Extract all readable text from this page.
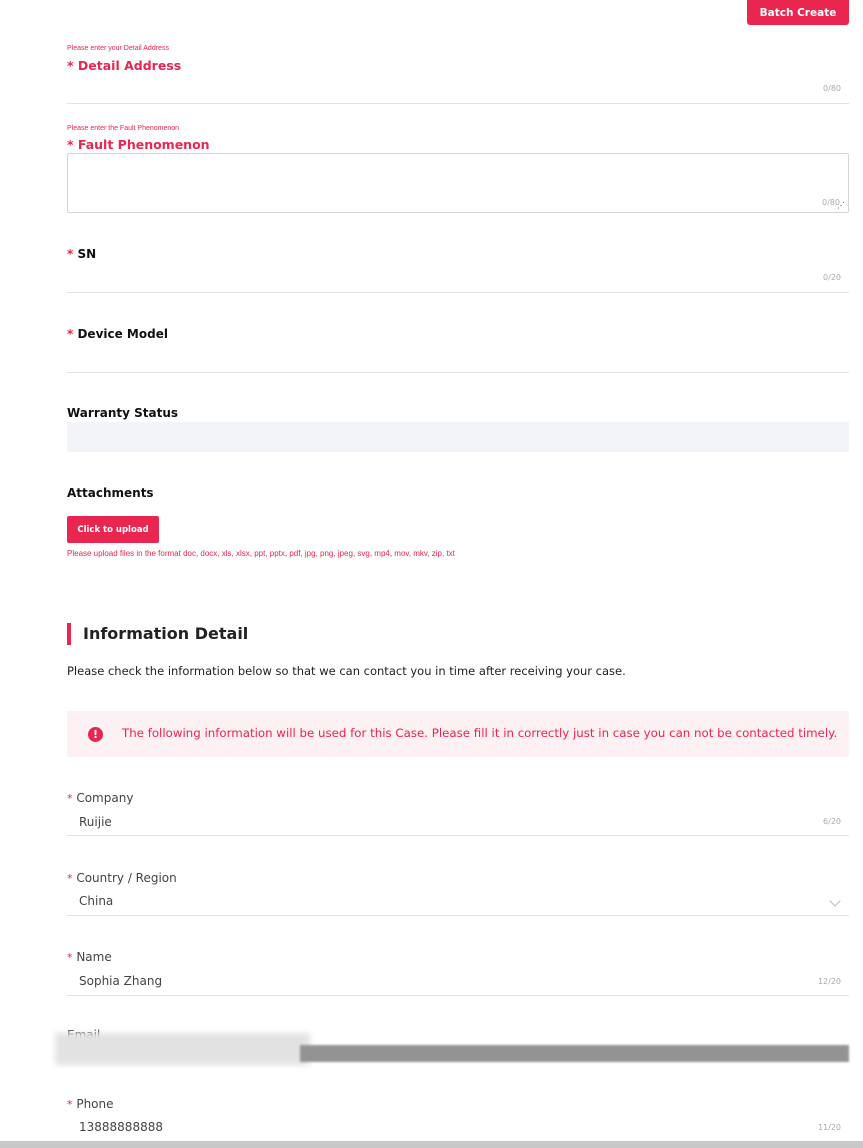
Batch Create
Please enter your Detail Address
* Detail Address
0/80
Please enter the Fault Phenomenon
* Fault Phenomenon
0/80
⋰
* SN
0/20
* Device Model
Warranty Status
Attachments
Click to upload
Please upload files in the format doc, docx, xls, xlsx, ppt, pptx, pdf, jpg, png, jpeg, svg, mp4, mov, mkv, zip, txt
Information Detail
Please check the information below so that we can contact you in time after receiving your case.
!	The following information will be used for this Case. Please fill it in correctly just in case you can not be contacted timely.
* Company
6/20
Ruijie
* Country / Region
China
* Name
12/20
Sophia Zhang
* Phone
11/20
13888888888
